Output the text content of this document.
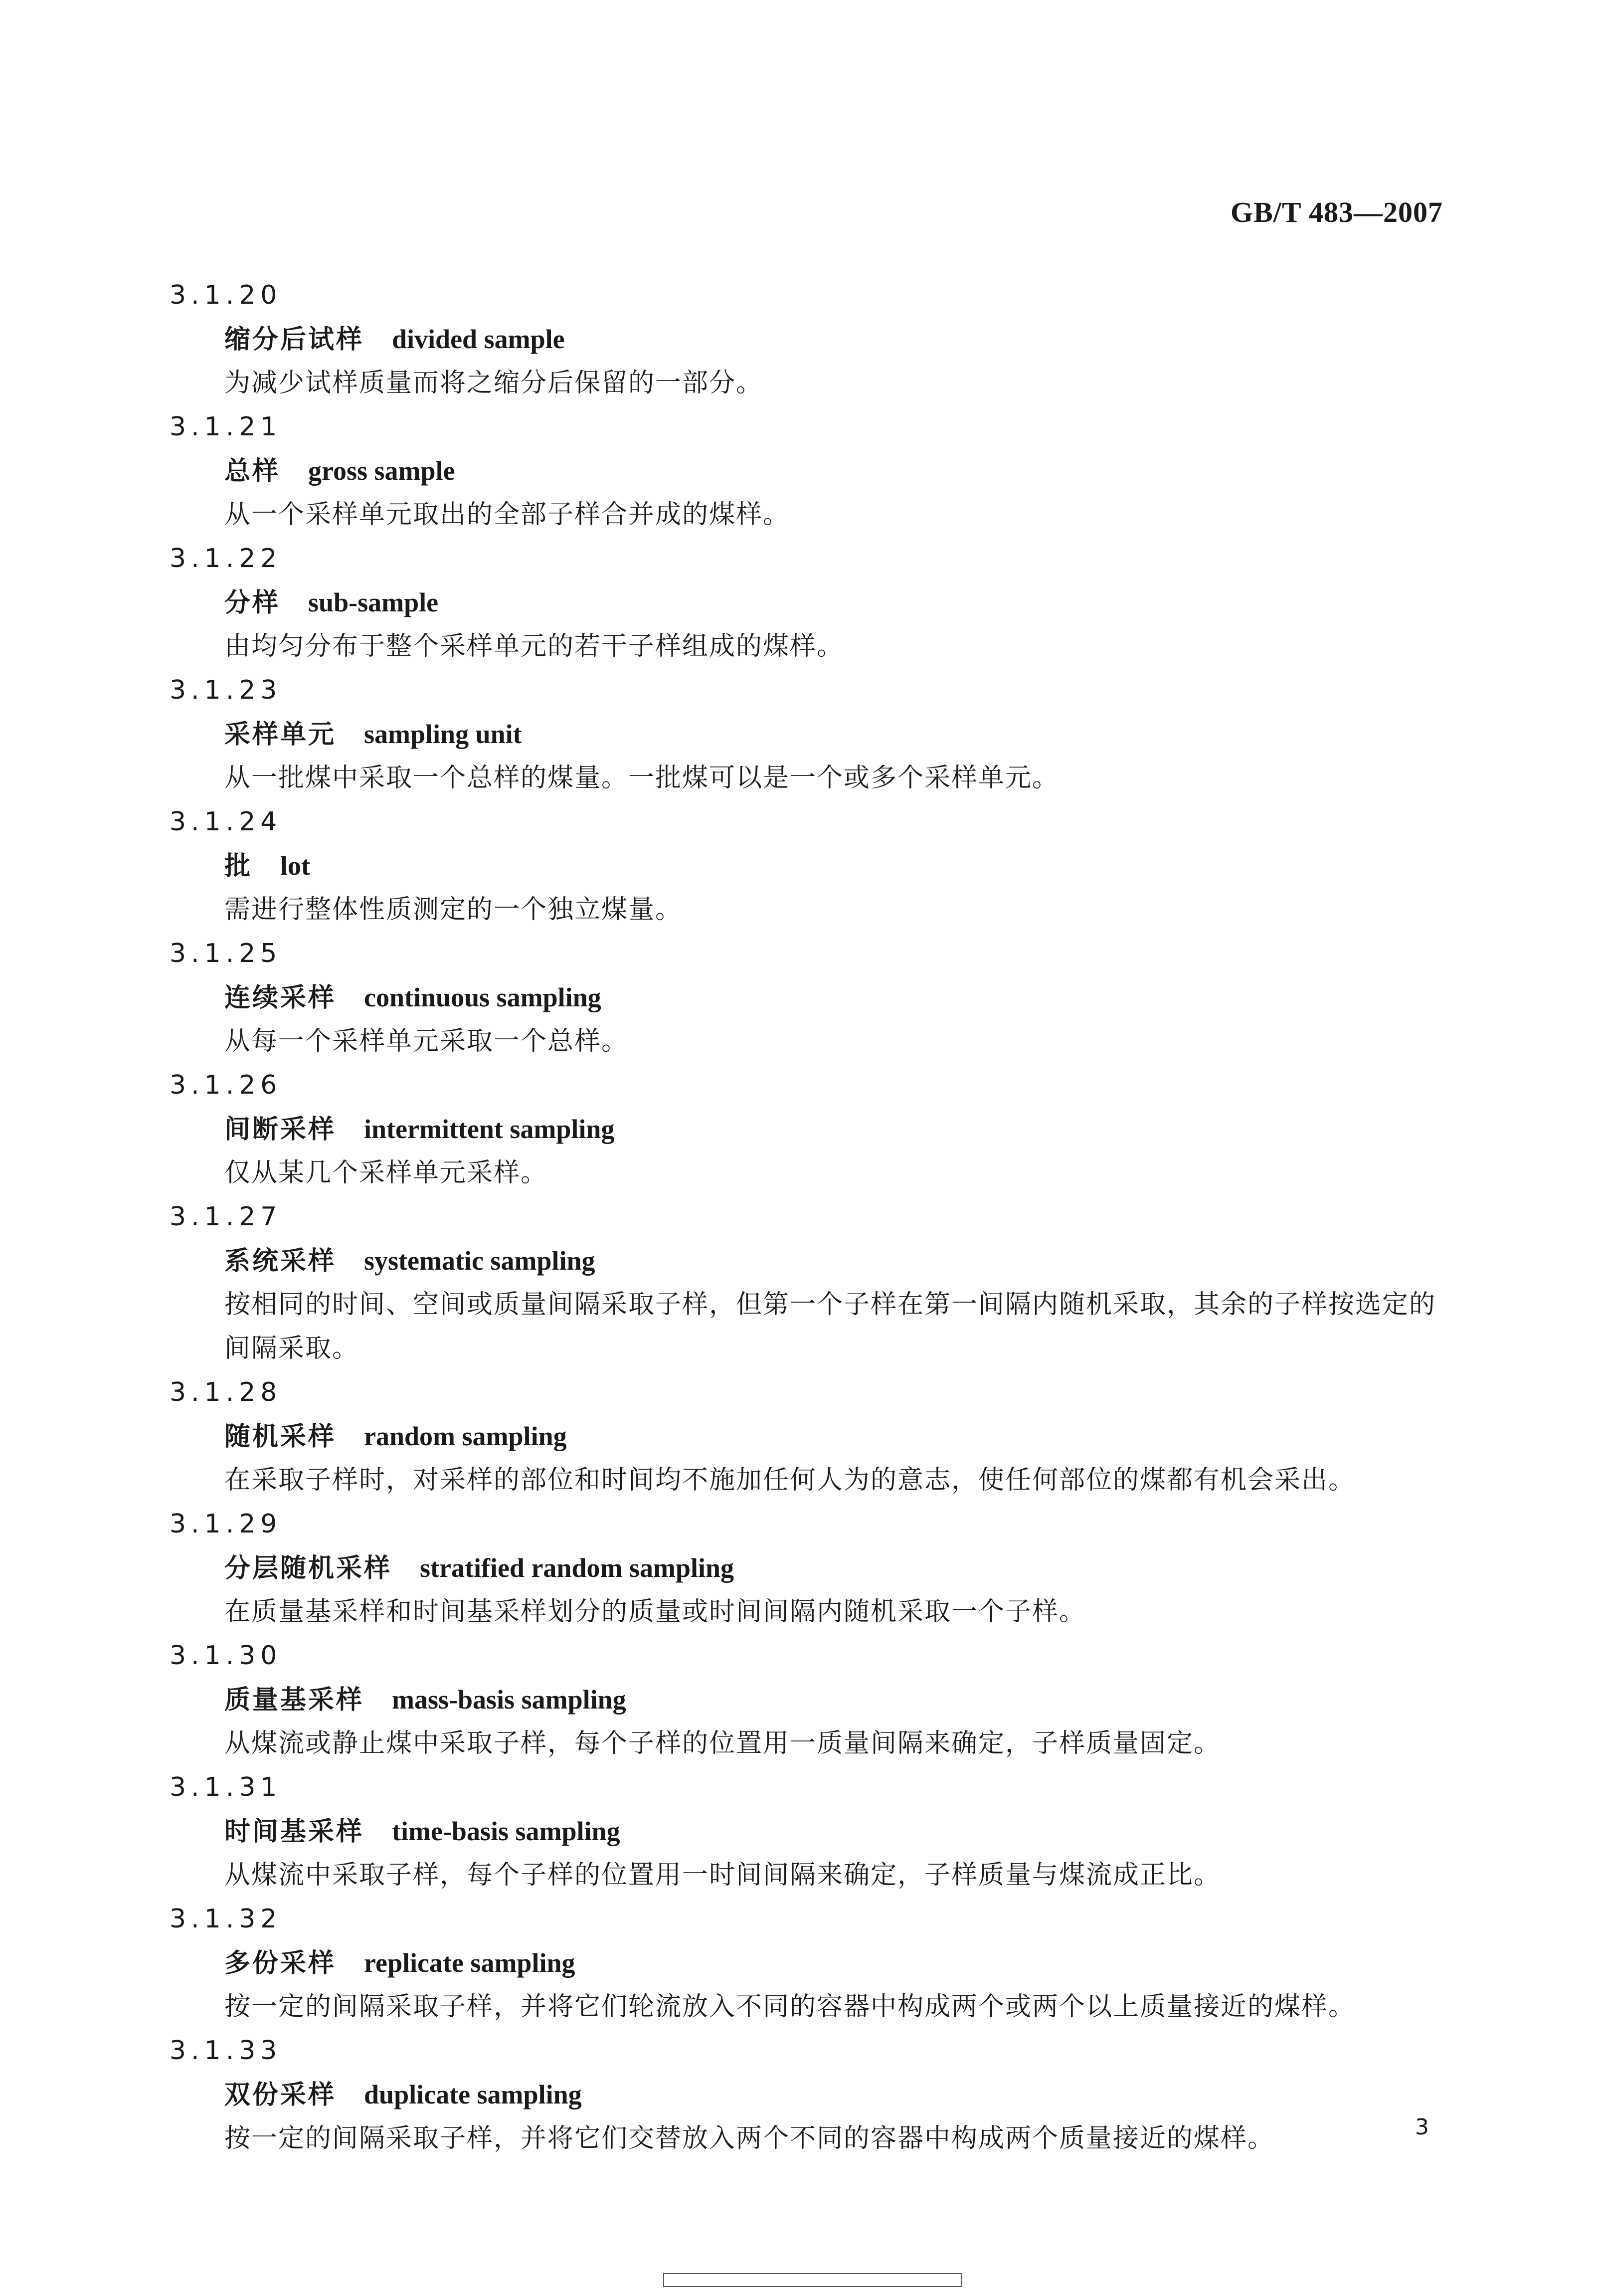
GB/T 483—2007
3.1.20
缩分后试样 divided sample
为减少试样质量而将之缩分后保留的一部分。
3.1.21
总样 gross sample
从一个采样单元取出的全部子样合并成的煤样。
3.1.22
分样 sub-sample
由均匀分布于整个采样单元的若干子样组成的煤样。
3.1.23
采样单元 sampling unit
从一批煤中采取一个总样的煤量。一批煤可以是一个或多个采样单元。
3.1.24
批 lot
需进行整体性质测定的一个独立煤量。
3.1.25
连续采样 continuous sampling
从每一个采样单元采取一个总样。
3.1.26
间断采样 intermittent sampling
仅从某几个采样单元采样。
3.1.27
系统采样 systematic sampling
按相同的时间、空间或质量间隔采取子样，但第一个子样在第一间隔内随机采取，其余的子样按选定的间隔采取。
3.1.28
随机采样 random sampling
在采取子样时，对采样的部位和时间均不施加任何人为的意志，使任何部位的煤都有机会采出。
3.1.29
分层随机采样 stratified random sampling
在质量基采样和时间基采样划分的质量或时间间隔内随机采取一个子样。
3.1.30
质量基采样 mass-basis sampling
从煤流或静止煤中采取子样，每个子样的位置用一质量间隔来确定，子样质量固定。
3.1.31
时间基采样 time-basis sampling
从煤流中采取子样，每个子样的位置用一时间间隔来确定，子样质量与煤流成正比。
3.1.32
多份采样 replicate sampling
按一定的间隔采取子样，并将它们轮流放入不同的容器中构成两个或两个以上质量接近的煤样。
3.1.33
双份采样 duplicate sampling
按一定的间隔采取子样，并将它们交替放入两个不同的容器中构成两个质量接近的煤样。	3
